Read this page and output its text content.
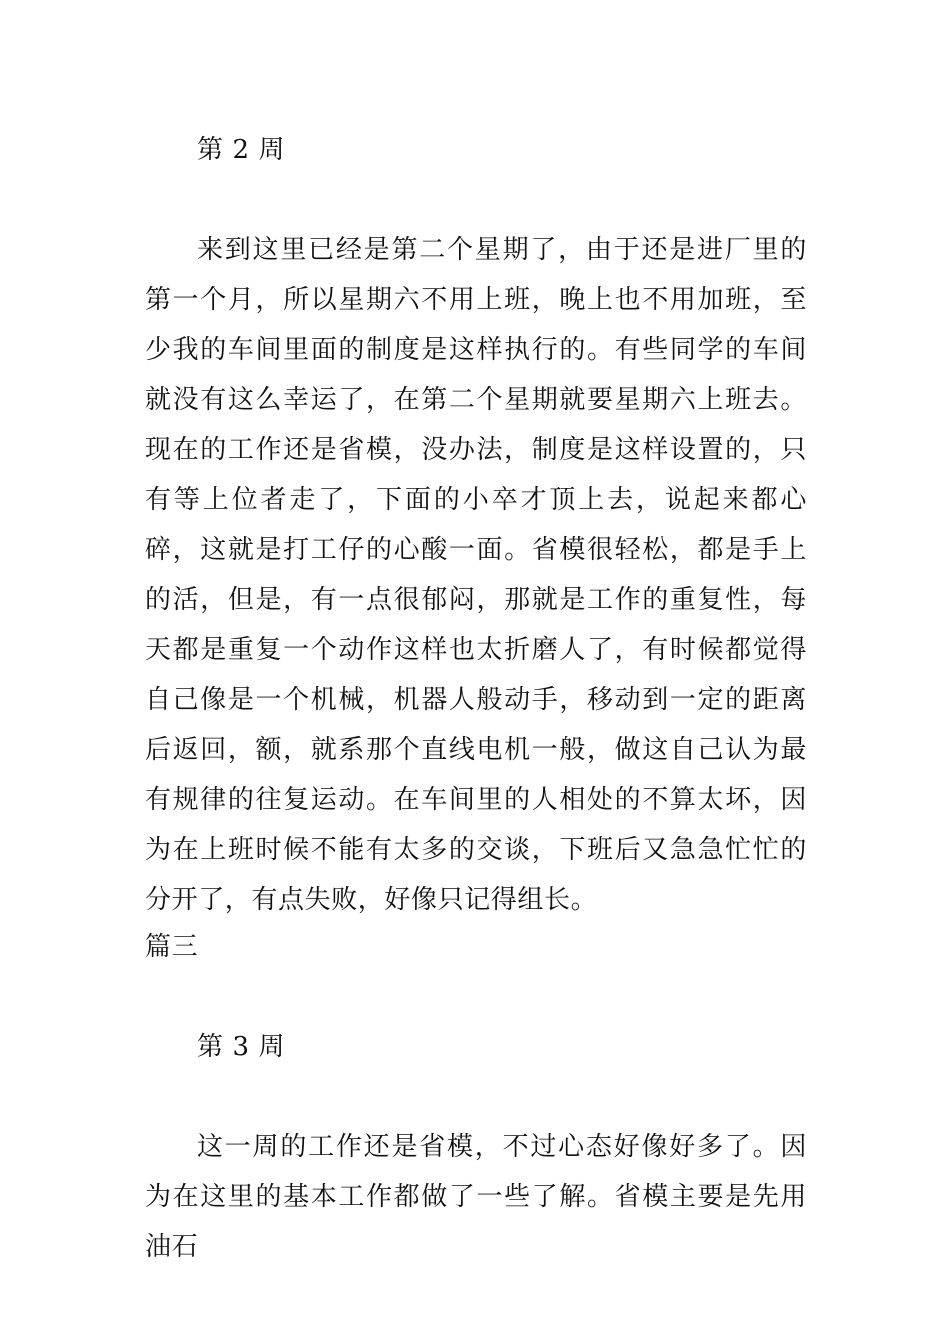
第 2 周

来到这里已经是第二个星期了，由于还是进厂里的第一个月，所以星期六不用上班，晚上也不用加班，至少我的车间里面的制度是这样执行的。有些同学的车间就没有这么幸运了，在第二个星期就要星期六上班去。现在的工作还是省模，没办法，制度是这样设置的，只有等上位者走了，下面的小卒才顶上去，说起来都心碎，这就是打工仔的心酸一面。省模很轻松，都是手上的活，但是，有一点很郁闷，那就是工作的重复性，每天都是重复一个动作这样也太折磨人了，有时候都觉得自己像是一个机械，机器人般动手，移动到一定的距离后返回，额，就系那个直线电机一般，做这自己认为最有规律的往复运动。在车间里的人相处的不算太坏，因为在上班时候不能有太多的交谈，下班后又急急忙忙的分开了，有点失败，好像只记得组长。

篇三

第 3 周

这一周的工作还是省模，不过心态好像好多了。因为在这里的基本工作都做了一些了解。省模主要是先用油石
